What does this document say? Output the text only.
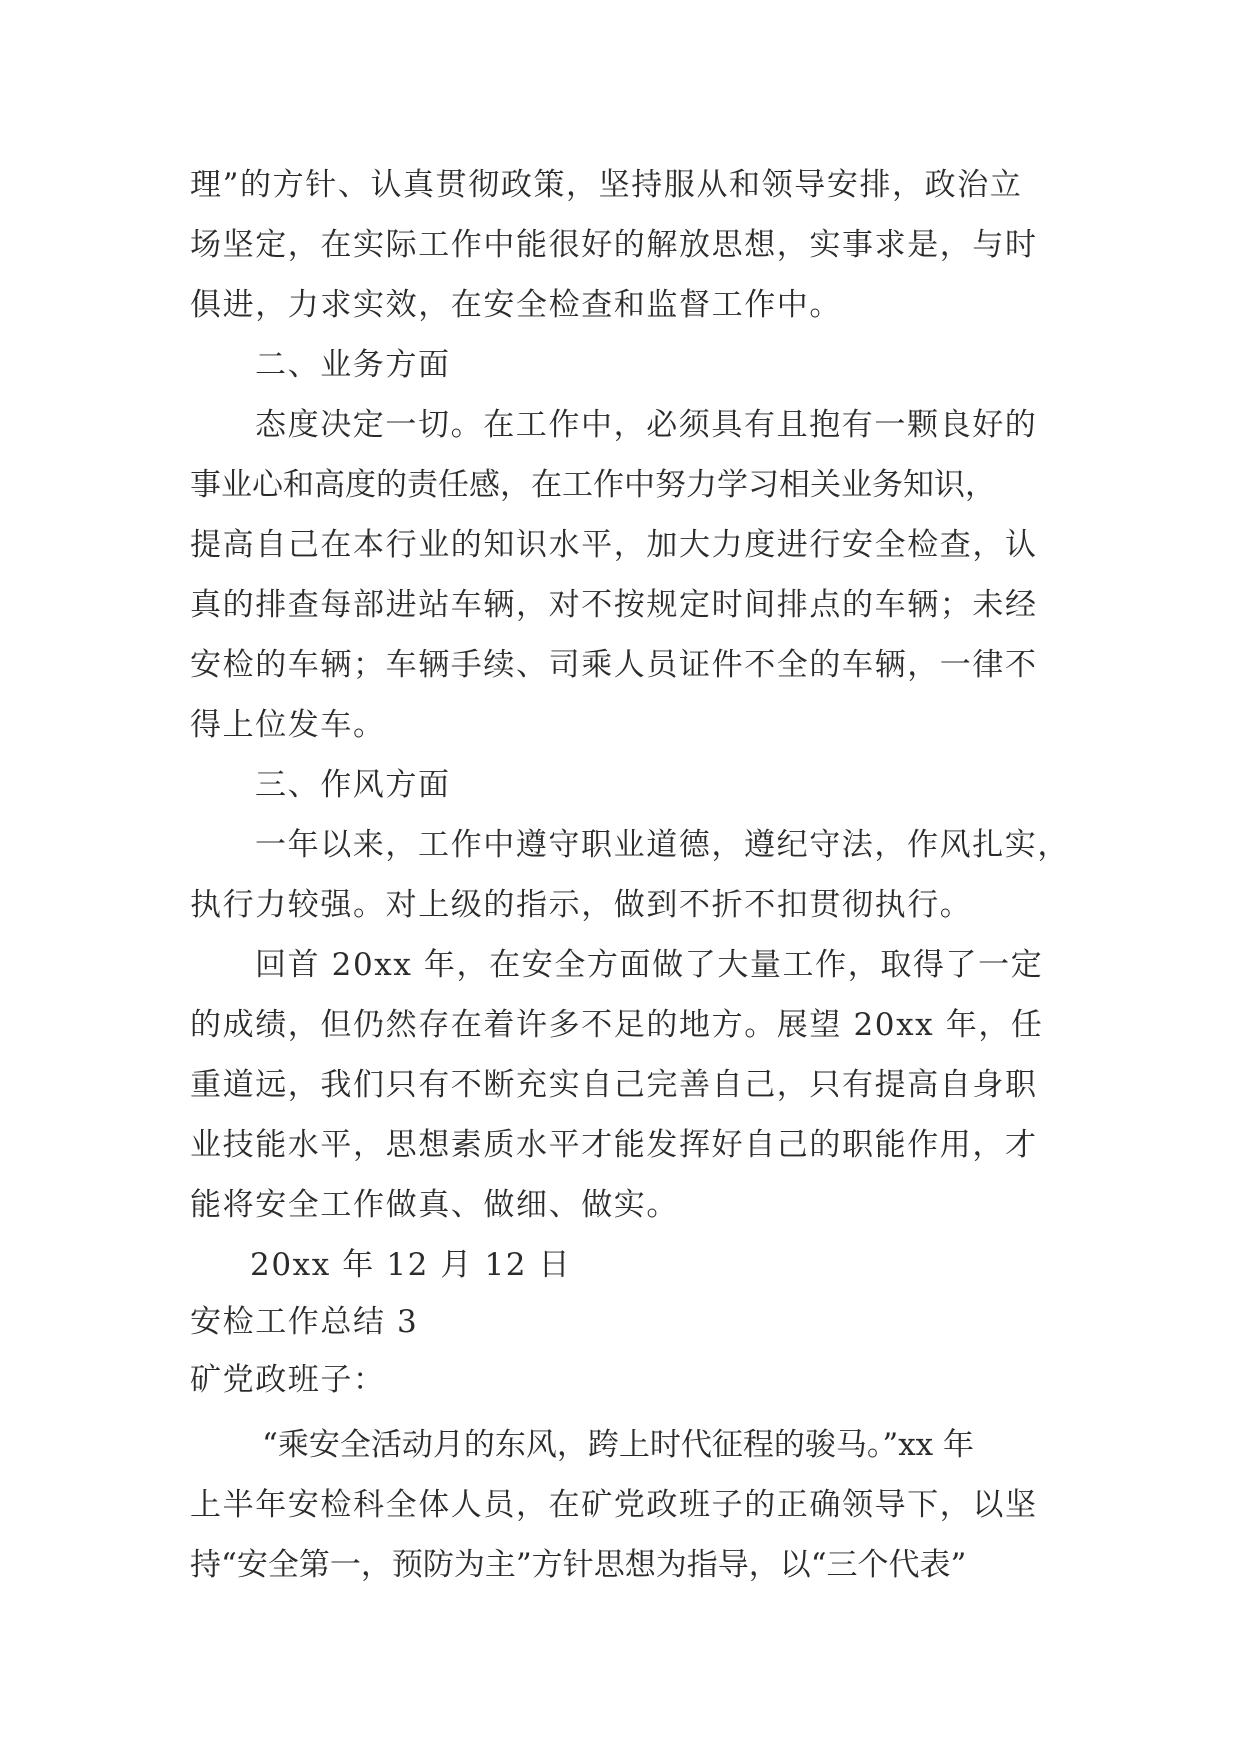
理”的方针、认真贯彻政策，坚持服从和领导安排，政治立
场坚定，在实际工作中能很好的解放思想，实事求是，与时
俱进，力求实效，在安全检查和监督工作中。
二、业务方面
态度决定一切。在工作中，必须具有且抱有一颗良好的
事业心和高度的责任感，在工作中努力学习相关业务知识，
提高自己在本行业的知识水平，加大力度进行安全检查，认
真的排查每部进站车辆，对不按规定时间排点的车辆；未经
安检的车辆；车辆手续、司乘人员证件不全的车辆，一律不
得上位发车。
三、作风方面
一年以来，工作中遵守职业道德，遵纪守法，作风扎实，
执行力较强。对上级的指示，做到不折不扣贯彻执行。
回首 20xx 年，在安全方面做了大量工作，取得了一定
的成绩，但仍然存在着许多不足的地方。展望 20xx 年，任
重道远，我们只有不断充实自己完善自己，只有提高自身职
业技能水平，思想素质水平才能发挥好自己的职能作用，才
能将安全工作做真、做细、做实。
20xx 年 12 月 12 日
安检工作总结 3
矿党政班子：
“乘安全活动月的东风，跨上时代征程的骏马。”xx 年
上半年安检科全体人员，在矿党政班子的正确领导下，以坚
持“安全第一，预防为主”方针思想为指导，以“三个代表”
